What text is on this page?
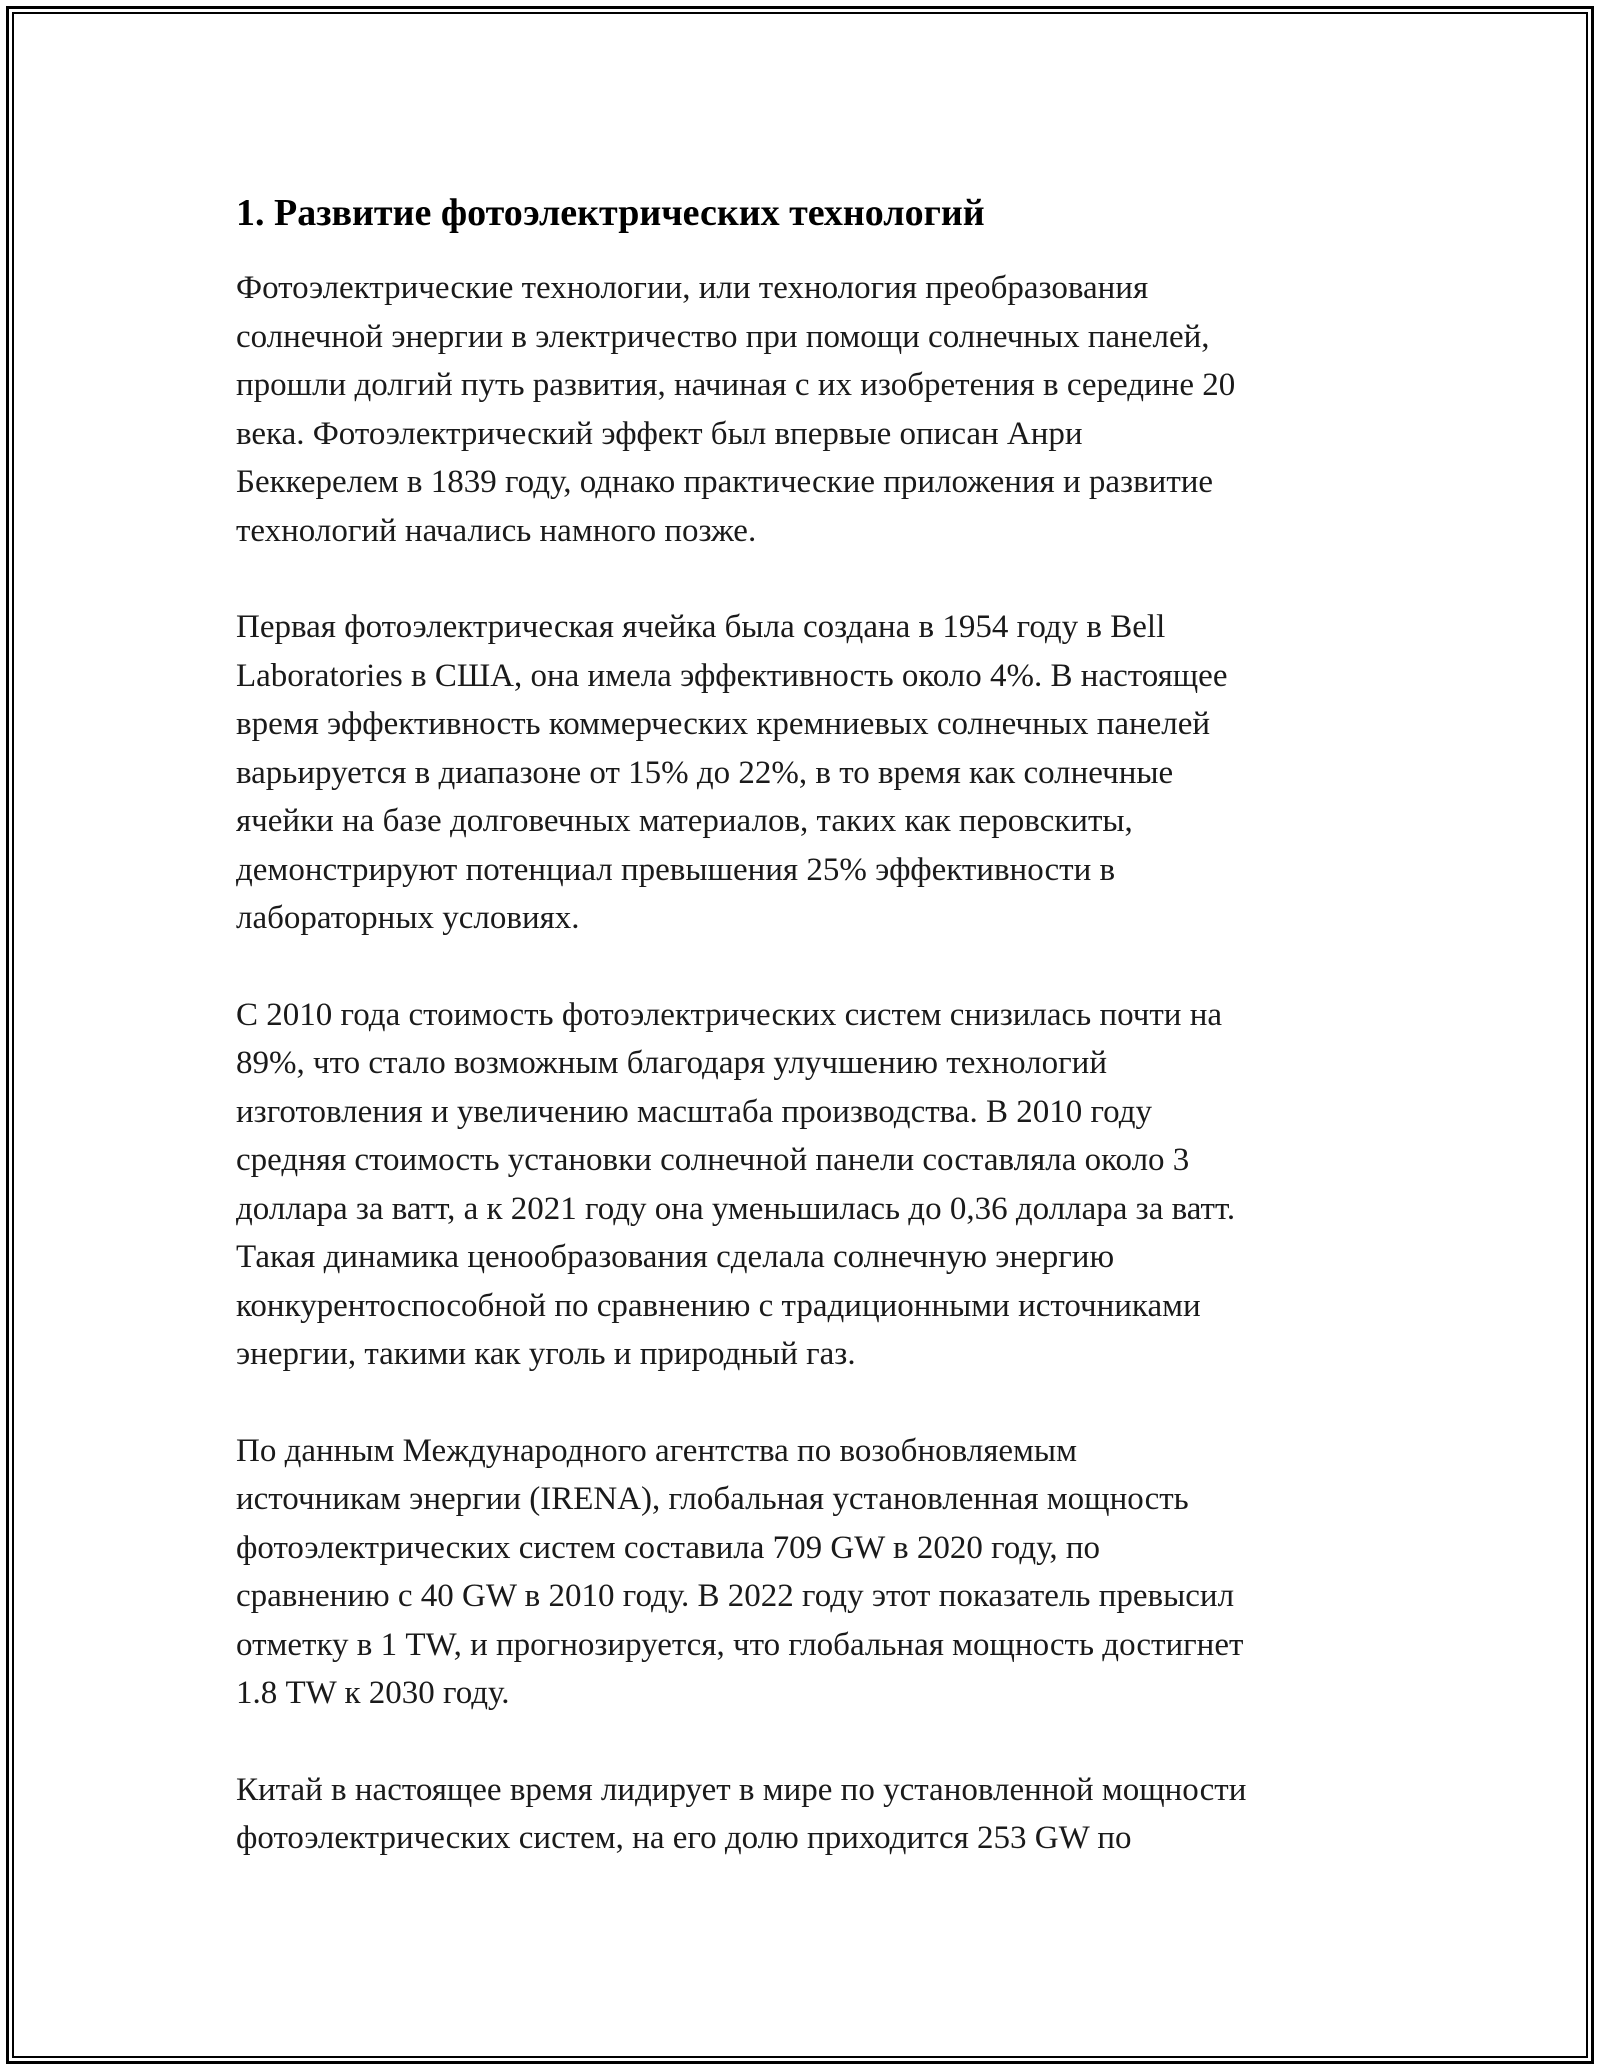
1. Развитие фотоэлектрических технологий

Фотоэлектрические технологии, или технология преобразования
солнечной энергии в электричество при помощи солнечных панелей,
прошли долгий путь развития, начиная с их изобретения в середине 20
века. Фотоэлектрический эффект был впервые описан Анри
Беккерелем в 1839 году, однако практические приложения и развитие
технологий начались намного позже.

Первая фотоэлектрическая ячейка была создана в 1954 году в Bell
Laboratories в США, она имела эффективность около 4%. В настоящее
время эффективность коммерческих кремниевых солнечных панелей
варьируется в диапазоне от 15% до 22%, в то время как солнечные
ячейки на базе долговечных материалов, таких как перовскиты,
демонстрируют потенциал превышения 25% эффективности в
лабораторных условиях.

С 2010 года стоимость фотоэлектрических систем снизилась почти на
89%, что стало возможным благодаря улучшению технологий
изготовления и увеличению масштаба производства. В 2010 году
средняя стоимость установки солнечной панели составляла около 3
доллара за ватт, а к 2021 году она уменьшилась до 0,36 доллара за ватт.
Такая динамика ценообразования сделала солнечную энергию
конкурентоспособной по сравнению с традиционными источниками
энергии, такими как уголь и природный газ.

По данным Международного агентства по возобновляемым
источникам энергии (IRENA), глобальная установленная мощность
фотоэлектрических систем составила 709 GW в 2020 году, по
сравнению с 40 GW в 2010 году. В 2022 году этот показатель превысил
отметку в 1 TW, и прогнозируется, что глобальная мощность достигнет
1.8 TW к 2030 году.

Китай в настоящее время лидирует в мире по установленной мощности
фотоэлектрических систем, на его долю приходится 253 GW по
